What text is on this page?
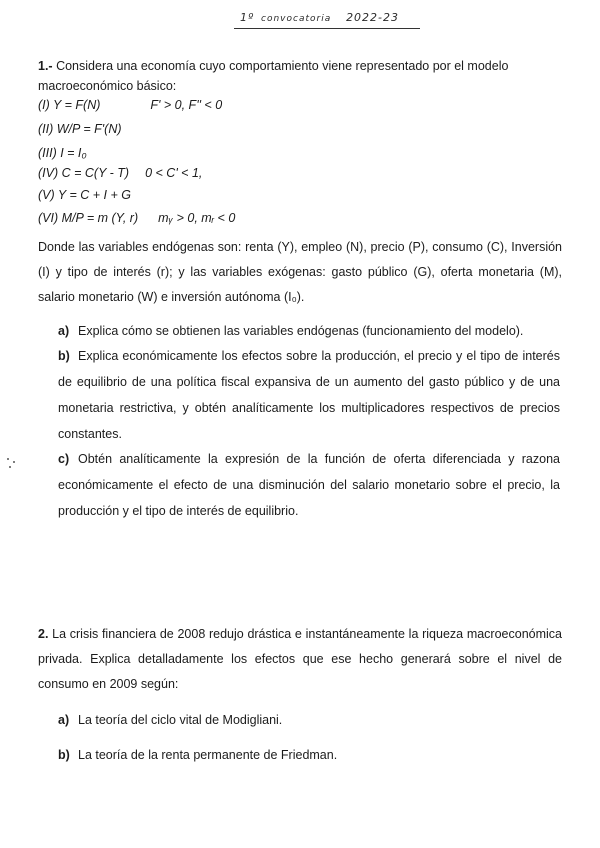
1º convocatoria 2022-23
1.- Considera una economía cuyo comportamiento viene representado por el modelo macroeconómico básico:
(I) Y = F(N)	F' > 0, F'' < 0
(II) W/P = F'(N)
(III) I = I₀
(IV) C = C(Y - T) 0 < C' < 1,
(V) Y = C + I + G
(VI) M/P = m (Y, r) mᵧ > 0, mᵣ < 0
Donde las variables endógenas son: renta (Y), empleo (N), precio (P), consumo (C), Inversión (I) y tipo de interés (r); y las variables exógenas: gasto público (G), oferta monetaria (M), salario monetario (W) e inversión autónoma (I₀).
a) Explica cómo se obtienen las variables endógenas (funcionamiento del modelo).
b) Explica económicamente los efectos sobre la producción, el precio y el tipo de interés de equilibrio de una política fiscal expansiva de un aumento del gasto público y de una monetaria restrictiva, y obtén analíticamente los multiplicadores respectivos de precios constantes.
c) Obtén analíticamente la expresión de la función de oferta diferenciada y razona económicamente el efecto de una disminución del salario monetario sobre el precio, la producción y el tipo de interés de equilibrio.
2. La crisis financiera de 2008 redujo drástica e instantáneamente la riqueza macroeconómica privada. Explica detalladamente los efectos que ese hecho generará sobre el nivel de consumo en 2009 según:
a) La teoría del ciclo vital de Modigliani.
b) La teoría de la renta permanente de Friedman.
